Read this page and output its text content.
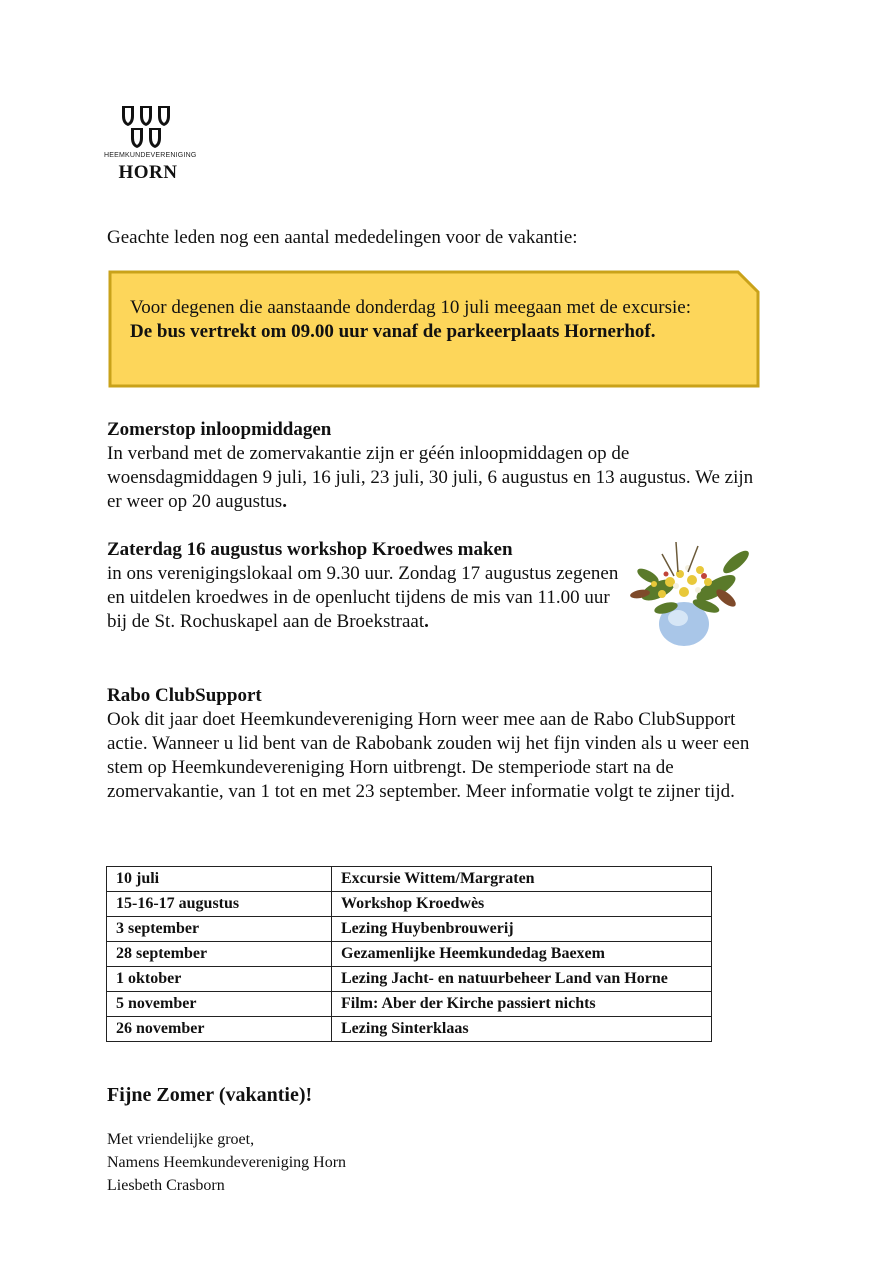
HEEMKUNDEVERENIGING
HORN
Geachte leden nog een aantal mededelingen voor de vakantie:
Voor degenen die aanstaande donderdag 10 juli meegaan met de excursie:
De bus vertrekt om 09.00 uur vanaf de parkeerplaats Hornerhof.
Zomerstop inloopmiddagen

In verband met de zomervakantie zijn er géén inloopmiddagen op de woensdagmiddagen 9 juli, 16 juli, 23 juli, 30 juli, 6 augustus en 13 augustus. We zijn er weer op 20 augustus.

Zaterdag 16 augustus workshop Kroedwes maken

in ons verenigingslokaal om 9.30 uur. Zondag 17 augustus zegenen en uitdelen kroedwes in de openlucht tijdens de mis van 11.00 uur bij de St. Rochuskapel aan de Broekstraat.

Rabo ClubSupport

Ook dit jaar doet Heemkundevereniging Horn weer mee aan de Rabo ClubSupport actie. Wanneer u lid bent van de Rabobank zouden wij het fijn vinden als u weer een stem op Heemkundevereniging Horn uitbrengt. De stemperiode start na de zomervakantie, van 1 tot en met 23 september. Meer informatie volgt te zijner tijd.

10 juli	Excursie Wittem/Margraten
15-16-17 augustus	Workshop Kroedwès
3 september	Lezing Huybenbrouwerij
28 september	Gezamenlijke Heemkundedag Baexem
1 oktober	Lezing Jacht- en natuurbeheer Land van Horne
5 november	Film: Aber der Kirche passiert nichts
26 november	Lezing Sinterklaas
Fijne Zomer (vakantie)!
Met vriendelijke groet,
Namens Heemkundevereniging Horn
Liesbeth Crasborn
